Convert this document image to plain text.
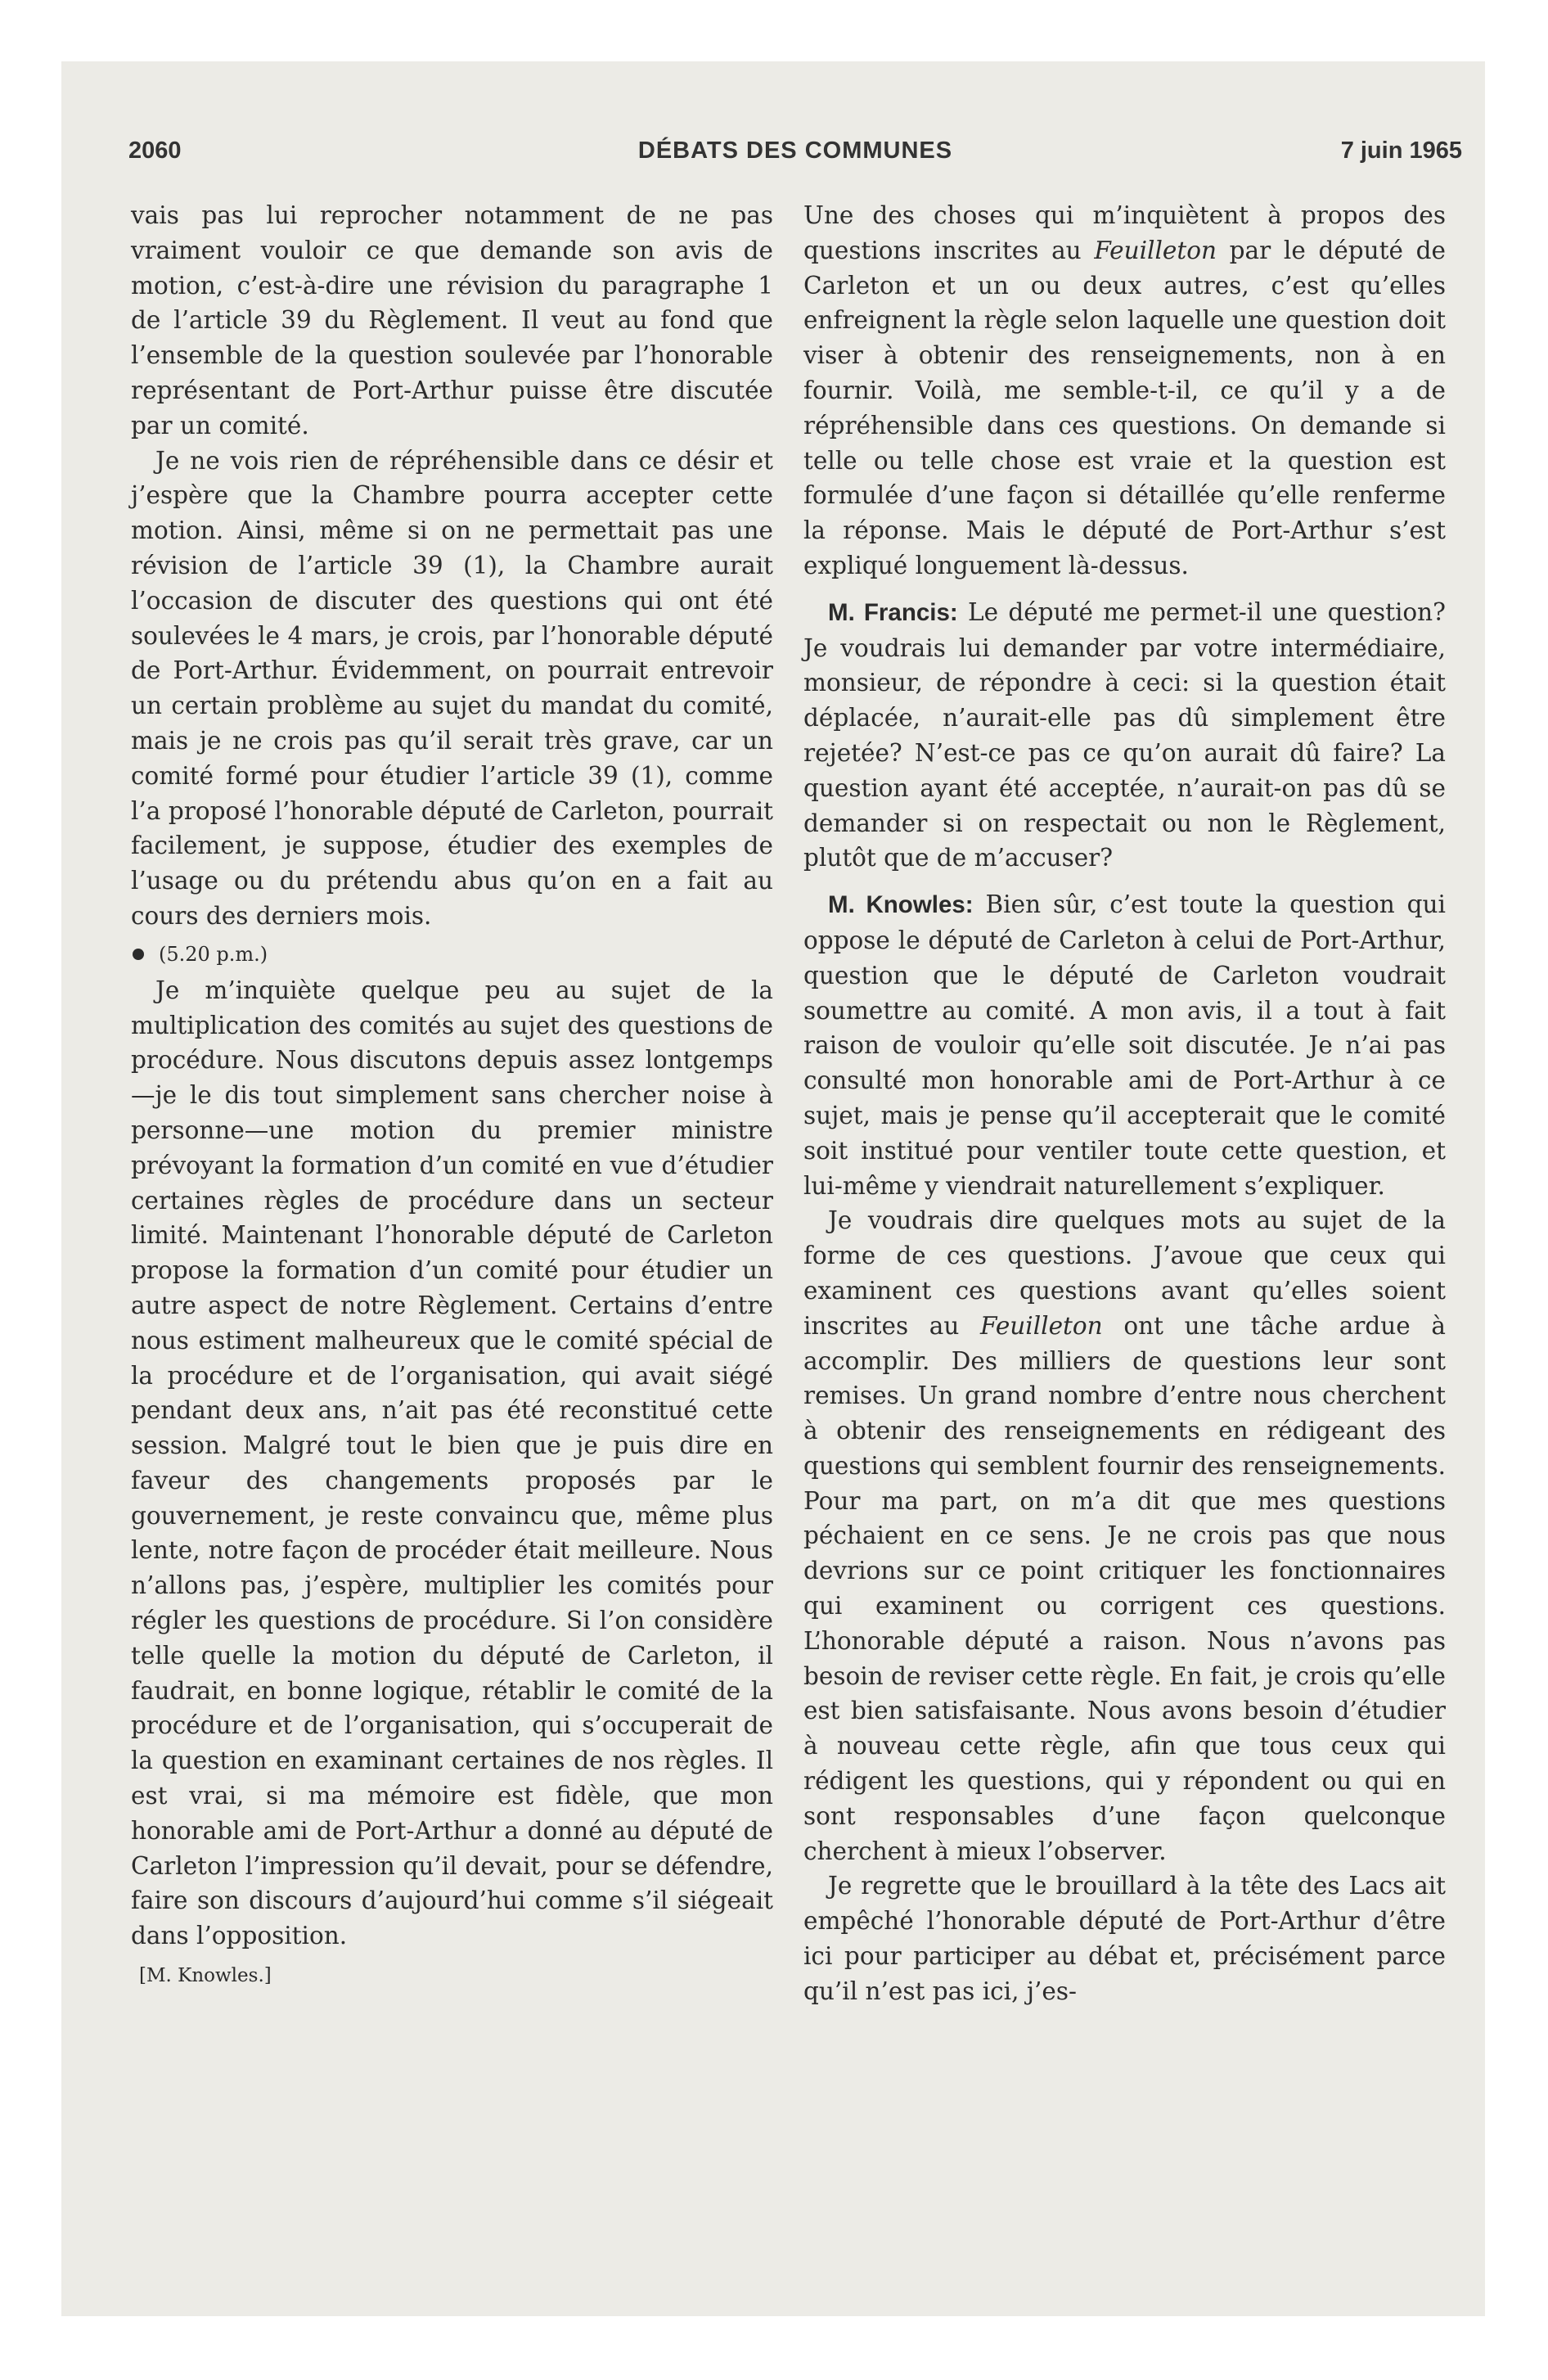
2060	DÉBATS DES COMMUNES	7 juin 1965

vais pas lui reprocher notamment de ne pas vraiment vouloir ce que demande son avis de motion, c’est-à-dire une révision du paragraphe 1 de l’article 39 du Règlement. Il veut au fond que l’ensemble de la question soulevée par l’honorable représentant de Port-Arthur puisse être discutée par un comité.

Je ne vois rien de répréhensible dans ce désir et j’espère que la Chambre pourra accepter cette motion. Ainsi, même si on ne permettait pas une révision de l’article 39 (1), la Chambre aurait l’occasion de discuter des questions qui ont été soulevées le 4 mars, je crois, par l’honorable député de Port-Arthur. Évidemment, on pourrait entrevoir un certain problème au sujet du mandat du comité, mais je ne crois pas qu’il serait très grave, car un comité formé pour étudier l’article 39 (1), comme l’a proposé l’honorable député de Carleton, pourrait facilement, je suppose, étudier des exemples de l’usage ou du prétendu abus qu’on en a fait au cours des derniers mois.

(5.20 p.m.)

Je m’inquiète quelque peu au sujet de la multiplication des comités au sujet des questions de procédure. Nous discutons depuis assez lontgemps—je le dis tout simplement sans chercher noise à personne—une motion du premier ministre prévoyant la formation d’un comité en vue d’étudier certaines règles de procédure dans un secteur limité. Maintenant l’honorable député de Carleton propose la formation d’un comité pour étudier un autre aspect de notre Règlement. Certains d’entre nous estiment malheureux que le comité spécial de la procédure et de l’organisation, qui avait siégé pendant deux ans, n’ait pas été reconstitué cette session. Malgré tout le bien que je puis dire en faveur des changements proposés par le gouvernement, je reste convaincu que, même plus lente, notre façon de procéder était meilleure. Nous n’allons pas, j’espère, multiplier les comités pour régler les questions de procédure. Si l’on considère telle quelle la motion du député de Carleton, il faudrait, en bonne logique, rétablir le comité de la procédure et de l’organisation, qui s’occuperait de la question en examinant certaines de nos règles. Il est vrai, si ma mémoire est fidèle, que mon honorable ami de Port-Arthur a donné au député de Carleton l’impression qu’il devait, pour se défendre, faire son discours d’aujourd’hui comme s’il siégeait dans l’opposition.

[M. Knowles.]

Une des choses qui m’inquiètent à propos des questions inscrites au Feuilleton par le député de Carleton et un ou deux autres, c’est qu’elles enfreignent la règle selon laquelle une question doit viser à obtenir des renseignements, non à en fournir. Voilà, me semble-t-il, ce qu’il y a de répréhensible dans ces questions. On demande si telle ou telle chose est vraie et la question est formulée d’une façon si détaillée qu’elle renferme la réponse. Mais le député de Port-Arthur s’est expliqué longuement là-dessus.

M. Francis: Le député me permet-il une question? Je voudrais lui demander par votre intermédiaire, monsieur, de répondre à ceci: si la question était déplacée, n’aurait-elle pas dû simplement être rejetée? N’est-ce pas ce qu’on aurait dû faire? La question ayant été acceptée, n’aurait-on pas dû se demander si on respectait ou non le Règlement, plutôt que de m’accuser?

M. Knowles: Bien sûr, c’est toute la question qui oppose le député de Carleton à celui de Port-Arthur, question que le député de Carleton voudrait soumettre au comité. A mon avis, il a tout à fait raison de vouloir qu’elle soit discutée. Je n’ai pas consulté mon honorable ami de Port-Arthur à ce sujet, mais je pense qu’il accepterait que le comité soit institué pour ventiler toute cette question, et lui-même y viendrait naturellement s’expliquer.

Je voudrais dire quelques mots au sujet de la forme de ces questions. J’avoue que ceux qui examinent ces questions avant qu’elles soient inscrites au Feuilleton ont une tâche ardue à accomplir. Des milliers de questions leur sont remises. Un grand nombre d’entre nous cherchent à obtenir des renseignements en rédigeant des questions qui semblent fournir des renseignements. Pour ma part, on m’a dit que mes questions péchaient en ce sens. Je ne crois pas que nous devrions sur ce point critiquer les fonctionnaires qui examinent ou corrigent ces questions. L’honorable député a raison. Nous n’avons pas besoin de reviser cette règle. En fait, je crois qu’elle est bien satisfaisante. Nous avons besoin d’étudier à nouveau cette règle, afin que tous ceux qui rédigent les questions, qui y répondent ou qui en sont responsables d’une façon quelconque cherchent à mieux l’observer.

Je regrette que le brouillard à la tête des Lacs ait empêché l’honorable député de Port-Arthur d’être ici pour participer au débat et, précisément parce qu’il n’est pas ici, j’es-
